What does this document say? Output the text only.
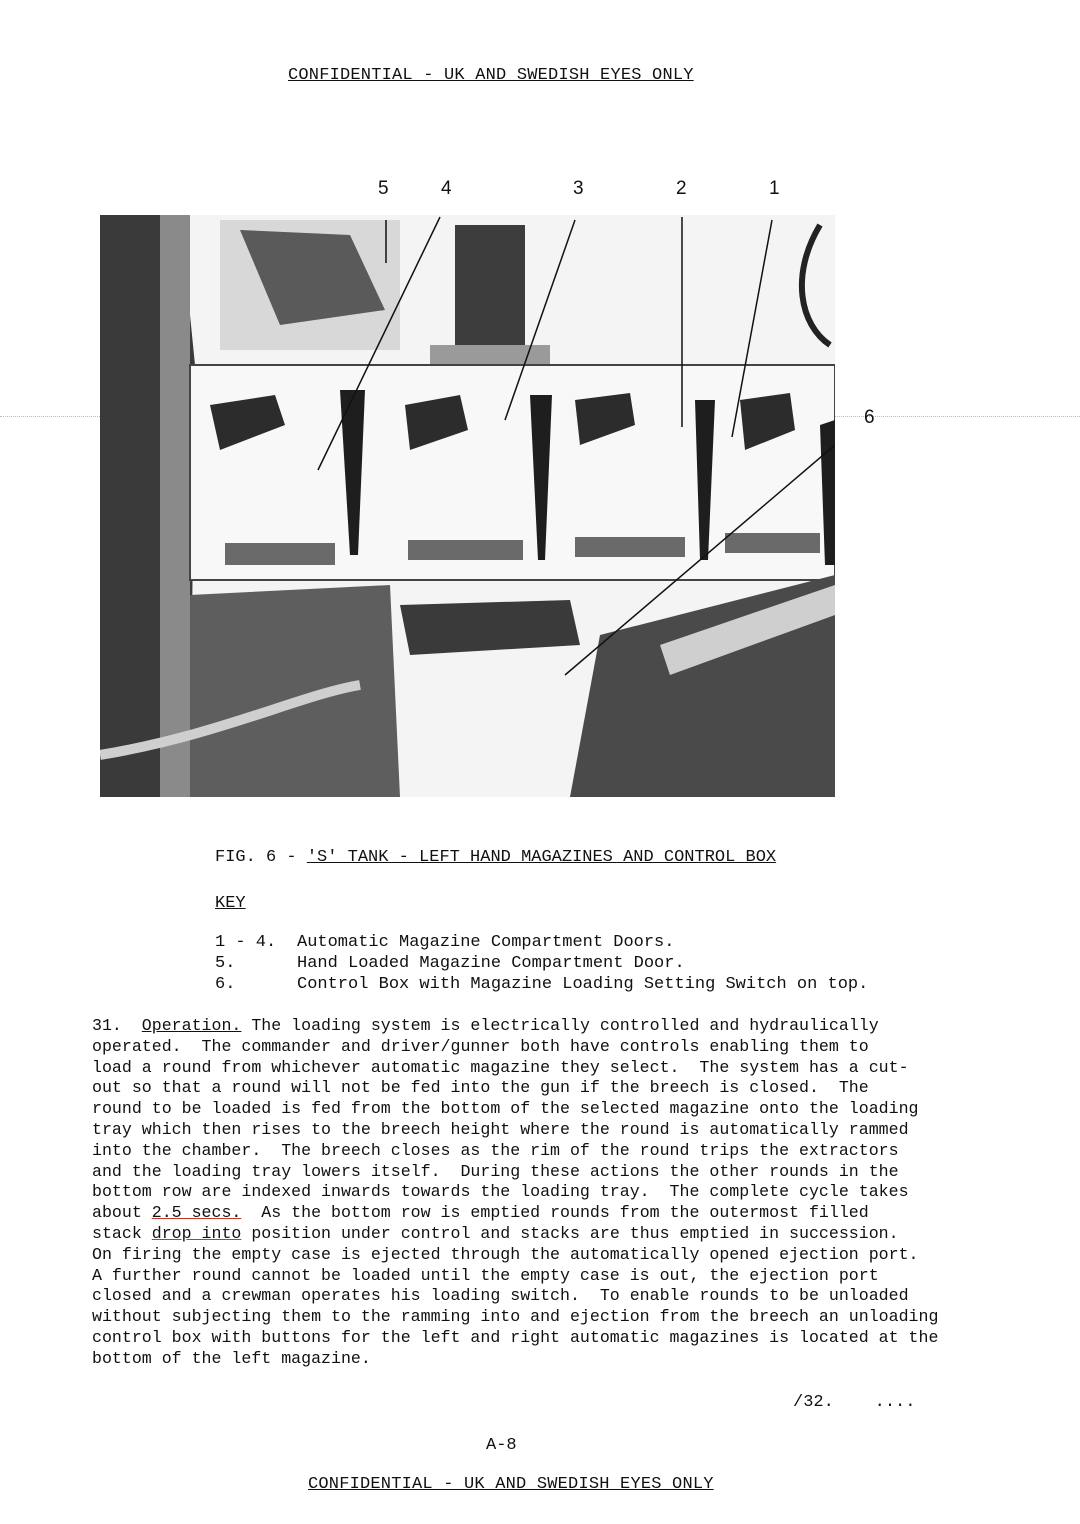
CONFIDENTIAL - UK AND SWEDISH EYES ONLY
5	4	3	2	1
6
FIG. 6 - 'S' TANK - LEFT HAND MAGAZINES AND CONTROL BOX
KEY
1 - 4. Automatic Magazine Compartment Doors.
5.	Hand Loaded Magazine Compartment Door.
6.	Control Box with Magazine Loading Setting Switch on top.
31. Operation. The loading system is electrically controlled and hydraulically
operated.  The commander and driver/gunner both have controls enabling them to
load a round from whichever automatic magazine they select.  The system has a cut-
out so that a round will not be fed into the gun if the breech is closed.  The
round to be loaded is fed from the bottom of the selected magazine onto the loading
tray which then rises to the breech height where the round is automatically rammed
into the chamber.  The breech closes as the rim of the round trips the extractors
and the loading tray lowers itself.  During these actions the other rounds in the
bottom row are indexed inwards towards the loading tray.  The complete cycle takes
about 2.5 secs.  As the bottom row is emptied rounds from the outermost filled
stack drop into position under control and stacks are thus emptied in succession.
On firing the empty case is ejected through the automatically opened ejection port.
A further round cannot be loaded until the empty case is out, the ejection port
closed and a crewman operates his loading switch.  To enable rounds to be unloaded
without subjecting them to the ramming into and ejection from the breech an unloading
control box with buttons for the left and right automatic magazines is located at the
bottom of the left magazine.
/32.    ....
A-8
CONFIDENTIAL - UK AND SWEDISH EYES ONLY
